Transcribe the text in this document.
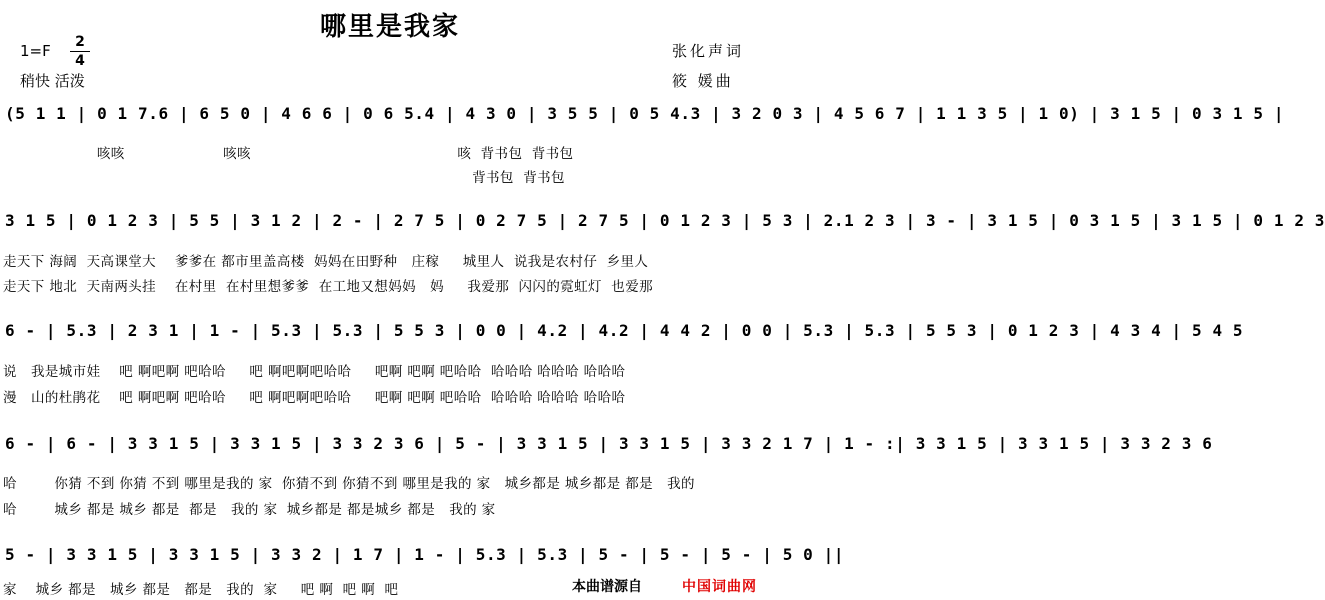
哪里是我家
1=F	2
4
稍快 活泼
张化声词
筱 媛曲
(5 1 1 | 0 1 7.6 | 6 5 0 | 4 6 6 | 0 6 5.4 | 4 3 0 | 3 5 5 | 0 5 4.3 | 3 2 0 3 | 4 5 6 7 | 1 1 3 5 | 1 0) | 3 1 5 | 0 3 1 5 |
咳咳                     咳咳                                            咳  背书包  背书包
背书包  背书包
3 1 5 | 0 1 2 3 | 5 5 | 3 1 2 | 2 - | 2 7 5 | 0 2 7 5 | 2 7 5 | 0 1 2 3 | 5 3 | 2.1 2 3 | 3 - | 3 1 5 | 0 3 1 5 | 3 1 5 | 0 1 2 3
走天下 海阔  天高课堂大    爹爹在 都市里盖高楼  妈妈在田野种   庄稼     城里人  说我是农村仔  乡里人
走天下 地北  天南两头挂    在村里  在村里想爹爹  在工地又想妈妈   妈     我爱那  闪闪的霓虹灯  也爱那
6 - | 5.3 | 2 3 1 | 1 - | 5.3 | 5.3 | 5 5 3 | 0 0 | 4.2 | 4.2 | 4 4 2 | 0 0 | 5.3 | 5.3 | 5 5 3 | 0 1 2 3 | 4 3 4 | 5 4 5
说   我是城市娃    吧 啊吧啊 吧哈哈     吧 啊吧啊吧哈哈     吧啊 吧啊 吧哈哈  哈哈哈 哈哈哈 哈哈哈
漫   山的杜鹃花    吧 啊吧啊 吧哈哈     吧 啊吧啊吧哈哈     吧啊 吧啊 吧哈哈  哈哈哈 哈哈哈 哈哈哈
6 - | 6 - | 3 3 1 5 | 3 3 1 5 | 3 3 2 3 6 | 5 - | 3 3 1 5 | 3 3 1 5 | 3 3 2 1 7 | 1 - :| 3 3 1 5 | 3 3 1 5 | 3 3 2 3 6
哈        你猜 不到 你猜 不到 哪里是我的 家  你猜不到 你猜不到 哪里是我的 家   城乡都是 城乡都是 都是   我的
哈        城乡 都是 城乡 都是  都是   我的 家  城乡都是 都是城乡 都是   我的 家
5 - | 3 3 1 5 | 3 3 1 5 | 3 3 2 | 1 7 | 1 - | 5.3 | 5.3 | 5 - | 5 - | 5 - | 5 0 ||
家    城乡 都是   城乡 都是   都是   我的  家     吧 啊  吧 啊  吧	本曲谱源自	中国词曲网
